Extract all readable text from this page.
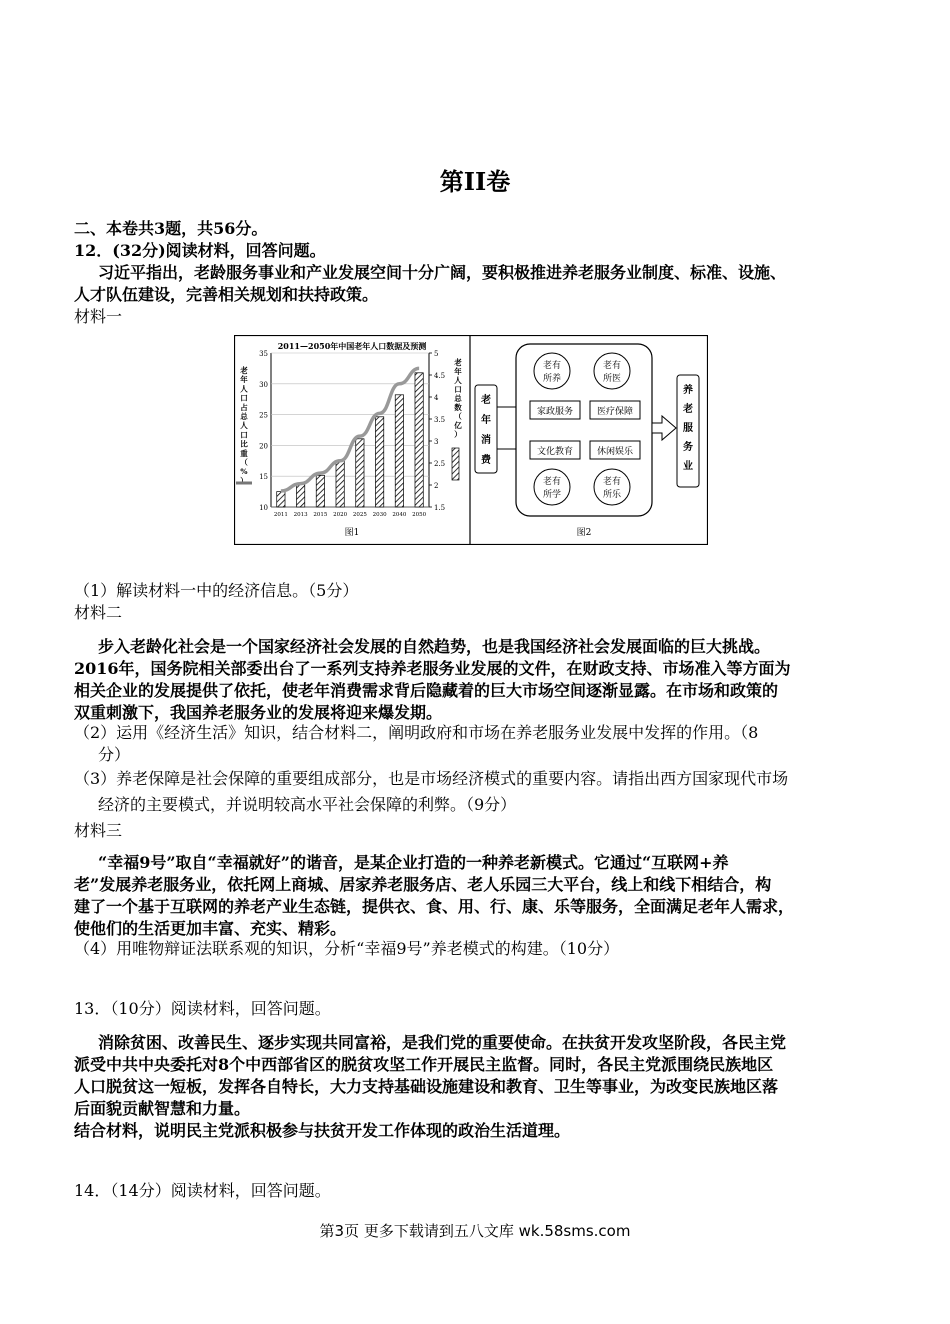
第II卷
二、本卷共3题，共56分。
12．(32分)阅读材料，回答问题。
习近平指出，老龄服务事业和产业发展空间十分广阔，要积极推进养老服务业制度、标准、设施、
人才队伍建设，完善相关规划和扶持政策。
材料一
2011—2050年中国老年人口数据及预测
35
30
25
20
15
10
5
4.5
4
3.5
3
2.5
2
1.5
2011 2013 2015 2020 2025 2030 2040 2050
老
年
人
口
占
总
人
口
比
重
（
%
）
老
年
人
口
总
数
（
亿
）
图1
老
年
消
费
老有
所养
老有
所医
老有
所学
老有
所乐
家政服务	医疗保障
文化教育	休闲娱乐
养
老
服
务
业
图2
（1）解读材料一中的经济信息。（5分）
材料二
步入老龄化社会是一个国家经济社会发展的自然趋势，也是我国经济社会发展面临的巨大挑战。
2016年，国务院相关部委出台了一系列支持养老服务业发展的文件，在财政支持、市场准入等方面为
相关企业的发展提供了依托，使老年消费需求背后隐藏着的巨大市场空间逐渐显露。在市场和政策的
双重刺激下，我国养老服务业的发展将迎来爆发期。
（2）运用《经济生活》知识，结合材料二，阐明政府和市场在养老服务业发展中发挥的作用。（8
分）
（3）养老保障是社会保障的重要组成部分，也是市场经济模式的重要内容。请指出西方国家现代市场
经济的主要模式，并说明较高水平社会保障的利弊。（9分）
材料三
“幸福9号”取自“幸福就好”的谐音，是某企业打造的一种养老新模式。它通过“互联网+养
老”发展养老服务业，依托网上商城、居家养老服务店、老人乐园三大平台，线上和线下相结合，构
建了一个基于互联网的养老产业生态链，提供衣、食、用、行、康、乐等服务，全面满足老年人需求，
使他们的生活更加丰富、充实、精彩。
（4）用唯物辩证法联系观的知识，分析“幸福9号”养老模式的构建。（10分）
13．（10分）阅读材料，回答问题。
消除贫困、改善民生、逐步实现共同富裕，是我们党的重要使命。在扶贫开发攻坚阶段，各民主党
派受中共中央委托对8个中西部省区的脱贫攻坚工作开展民主监督。同时，各民主党派围绕民族地区
人口脱贫这一短板，发挥各自特长，大力支持基础设施建设和教育、卫生等事业，为改变民族地区落
后面貌贡献智慧和力量。
结合材料，说明民主党派积极参与扶贫开发工作体现的政治生活道理。
14．（14分）阅读材料，回答问题。
第3页 更多下载请到五八文库 wk.58sms.com
